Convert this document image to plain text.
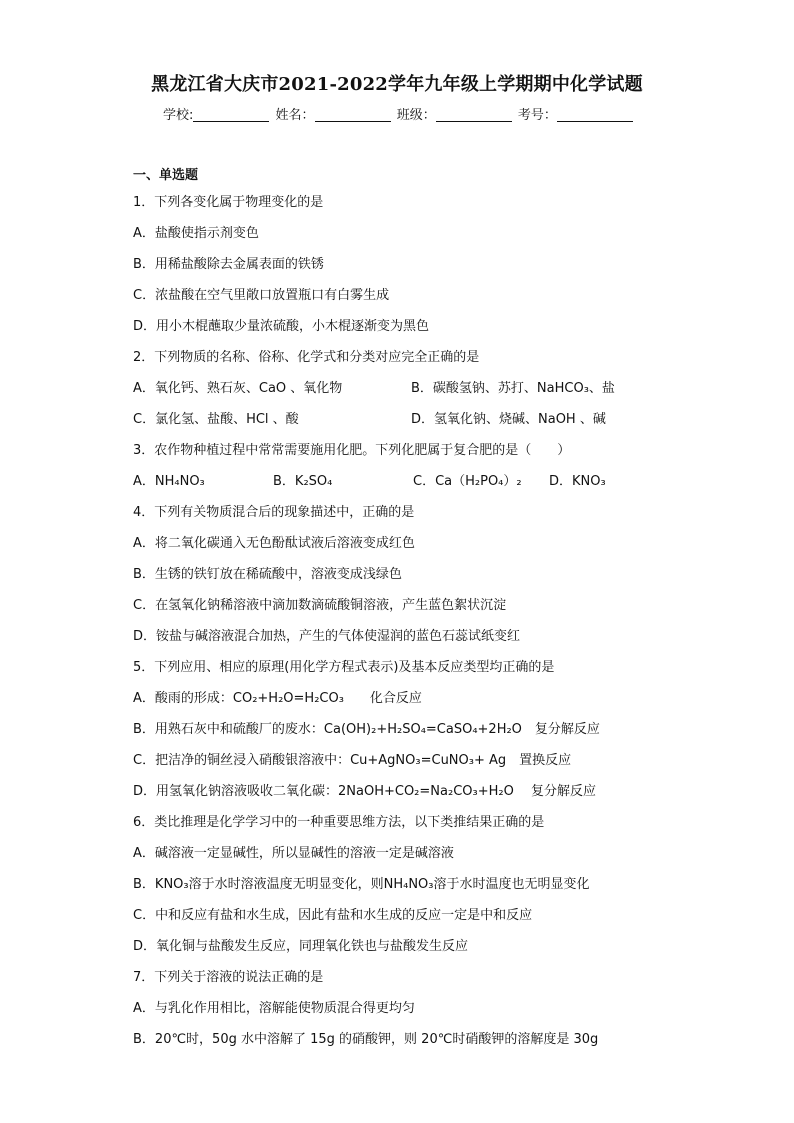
黑龙江省大庆市2021-2022学年九年级上学期期中化学试题
学校:	姓名：	班级：	考号：
一、单选题
1．下列各变化属于物理变化的是
A．盐酸使指示剂变色
B．用稀盐酸除去金属表面的铁锈
C．浓盐酸在空气里敞口放置瓶口有白雾生成
D．用小木棍蘸取少量浓硫酸，小木棍逐渐变为黑色
2．下列物质的名称、俗称、化学式和分类对应完全正确的是
A．氧化钙、熟石灰、CaO 、氧化物	B．碳酸氢钠、苏打、NaHCO₃、盐
C．氯化氢、盐酸、HCl 、酸	D．氢氧化钠、烧碱、NaOH 、碱
3．农作物种植过程中常常需要施用化肥。下列化肥属于复合肥的是（　　）
A．NH₄NO₃	B．K₂SO₄	C．Ca（H₂PO₄）₂	D．KNO₃
4．下列有关物质混合后的现象描述中，正确的是
A．将二氧化碳通入无色酚酞试液后溶液变成红色
B．生锈的铁钉放在稀硫酸中，溶液变成浅绿色
C．在氢氧化钠稀溶液中滴加数滴硫酸铜溶液，产生蓝色絮状沉淀
D．铵盐与碱溶液混合加热，产生的气体使湿润的蓝色石蕊试纸变红
5．下列应用、相应的原理(用化学方程式表示)及基本反应类型均正确的是
A．酸雨的形成：CO₂+H₂O=H₂CO₃　　化合反应
B．用熟石灰中和硫酸厂的废水：Ca(OH)₂+H₂SO₄=CaSO₄+2H₂O　复分解反应
C．把洁净的铜丝浸入硝酸银溶液中：Cu+AgNO₃=CuNO₃+ Ag　置换反应
D．用氢氧化钠溶液吸收二氧化碳：2NaOH+CO₂=Na₂CO₃+H₂O　 复分解反应
6．类比推理是化学学习中的一种重要思维方法，以下类推结果正确的是
A．碱溶液一定显碱性，所以显碱性的溶液一定是碱溶液
B．KNO₃溶于水时溶液温度无明显变化，则NH₄NO₃溶于水时温度也无明显变化
C．中和反应有盐和水生成，因此有盐和水生成的反应一定是中和反应
D．氧化铜与盐酸发生反应，同理氧化铁也与盐酸发生反应
7．下列关于溶液的说法正确的是
A．与乳化作用相比，溶解能使物质混合得更均匀
B．20℃时，50g 水中溶解了 15g 的硝酸钾，则 20℃时硝酸钾的溶解度是 30g
